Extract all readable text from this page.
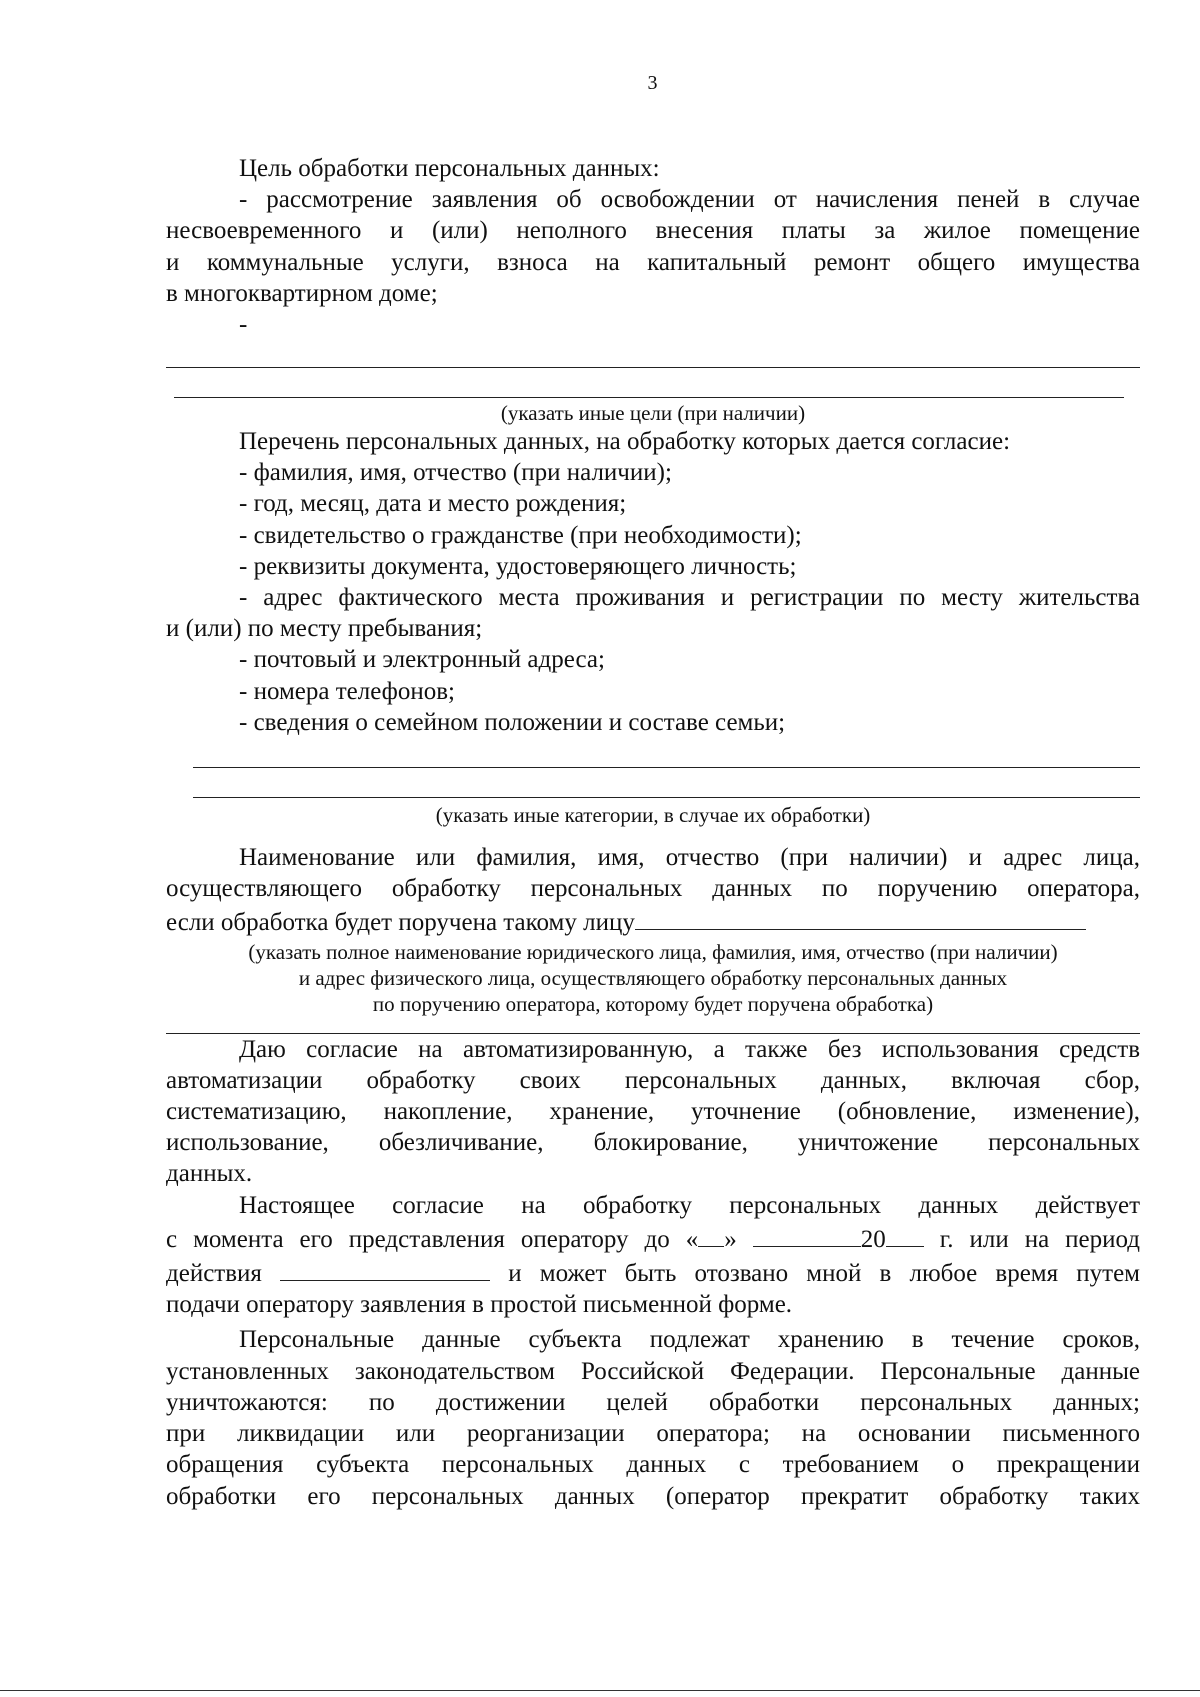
3

Цель обработки персональных данных:

- рассмотрение заявления об освобождении от начисления пеней в случае

несвоевременного и (или) неполного внесения платы за жилое помещение

и коммунальные услуги, взноса на капитальный ремонт общего имущества

в многоквартирном доме;

-

(указать иные цели (при наличии)

Перечень персональных данных, на обработку которых дается согласие:

- фамилия, имя, отчество (при наличии);

- год, месяц, дата и место рождения;

- свидетельство о гражданстве (при необходимости);

- реквизиты документа, удостоверяющего личность;

- адрес фактического места проживания и регистрации по месту жительства

и (или) по месту пребывания;

- почтовый и электронный адреса;

- номера телефонов;

- сведения о семейном положении и составе семьи;

(указать иные категории, в случае их обработки)

Наименование или фамилия, имя, отчество (при наличии) и адрес лица,

осуществляющего обработку персональных данных по поручению оператора,

если обработка будет поручена такому лицу

(указать полное наименование юридического лица, фамилия, имя, отчество (при наличии)

и адрес физического лица, осуществляющего обработку персональных данных

по поручению оператора, которому будет поручена обработка)

Даю согласие на автоматизированную, а также без использования средств

автоматизации обработку своих персональных данных, включая сбор,

систематизацию, накопление, хранение, уточнение (обновление, изменение),

использование, обезличивание, блокирование, уничтожение персональных

данных.

Настоящее согласие на обработку персональных данных действует

с момента его представления оператору до « »	20 г. или на период

действия	и может быть отозвано мной в любое время путем

подачи оператору заявления в простой письменной форме.

Персональные данные субъекта подлежат хранению в течение сроков,

установленных законодательством Российской Федерации. Персональные данные

уничтожаются: по достижении целей обработки персональных данных;

при ликвидации или реорганизации оператора; на основании письменного

обращения субъекта персональных данных с требованием о прекращении

обработки его персональных данных (оператор прекратит обработку таких
